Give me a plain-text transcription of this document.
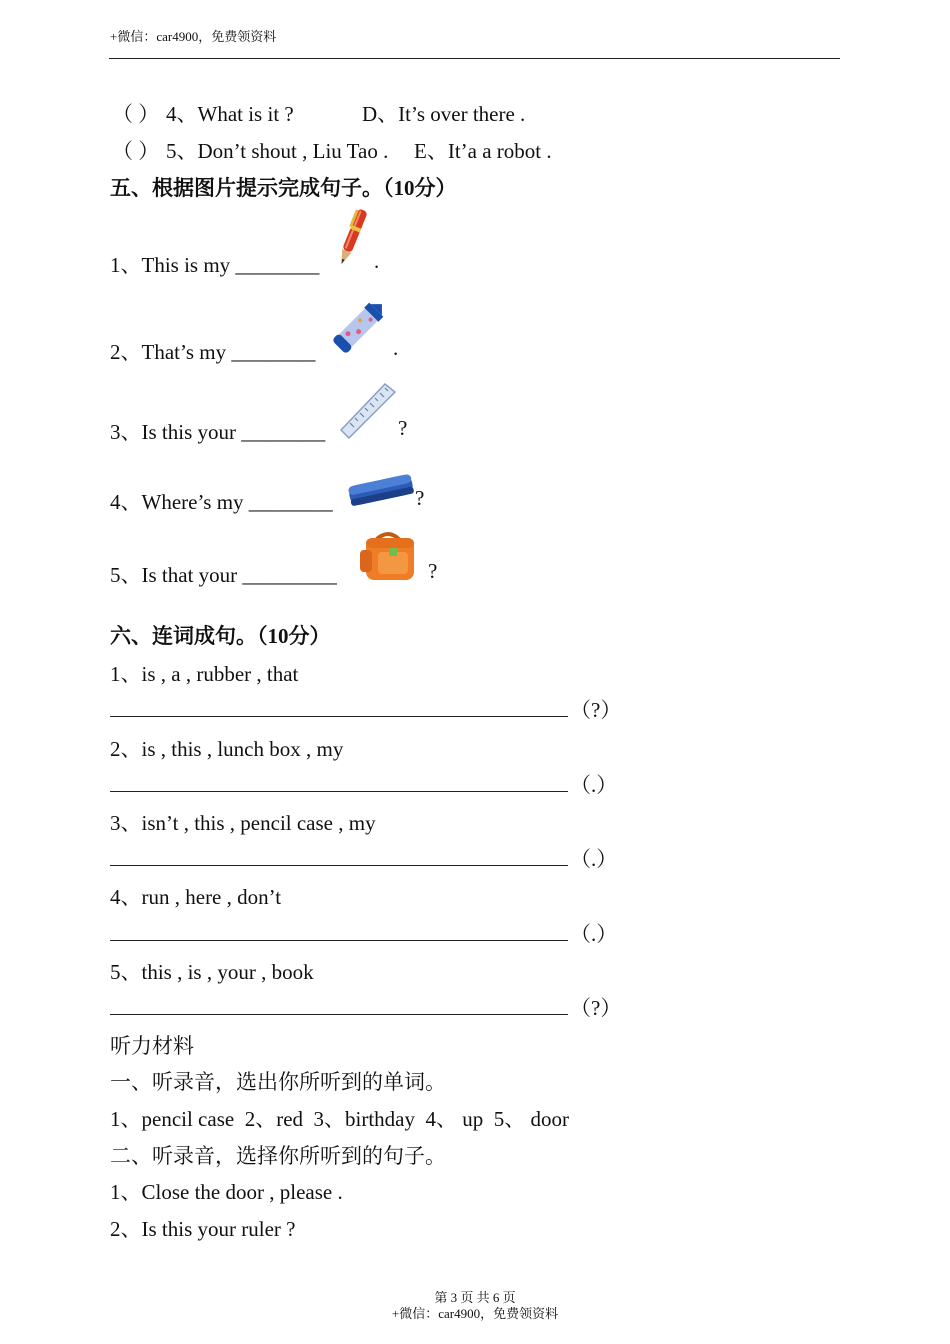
+微信：car4900，免费领资料
（ ） 4、What is it ?	D、It’s over there .
（ ） 5、Don’t shout , Liu Tao . E、It’a a robot .
五、根据图片提示完成句子。（10分）
1、This is my ________	.
2、That’s my ________	.
3、Is this your ________	?
4、Where’s my ________	?
5、Is that your _________	?
六、连词成句。（10分）
1、is , a , rubber , that
（?）
2、is , this , lunch box , my
（.）
3、isn’t , this , pencil case , my
（.）
4、run , here , don’t
（.）
5、this , is , your , book
（?）
听力材料
一、听录音，选出你所听到的单词。
1、pencil case  2、red  3、birthday  4、 up  5、 door
二、听录音，选择你所听到的句子。
1、Close the door , please .
2、Is this your ruler ?
第 3 页 共 6 页
+微信：car4900，免费领资料
